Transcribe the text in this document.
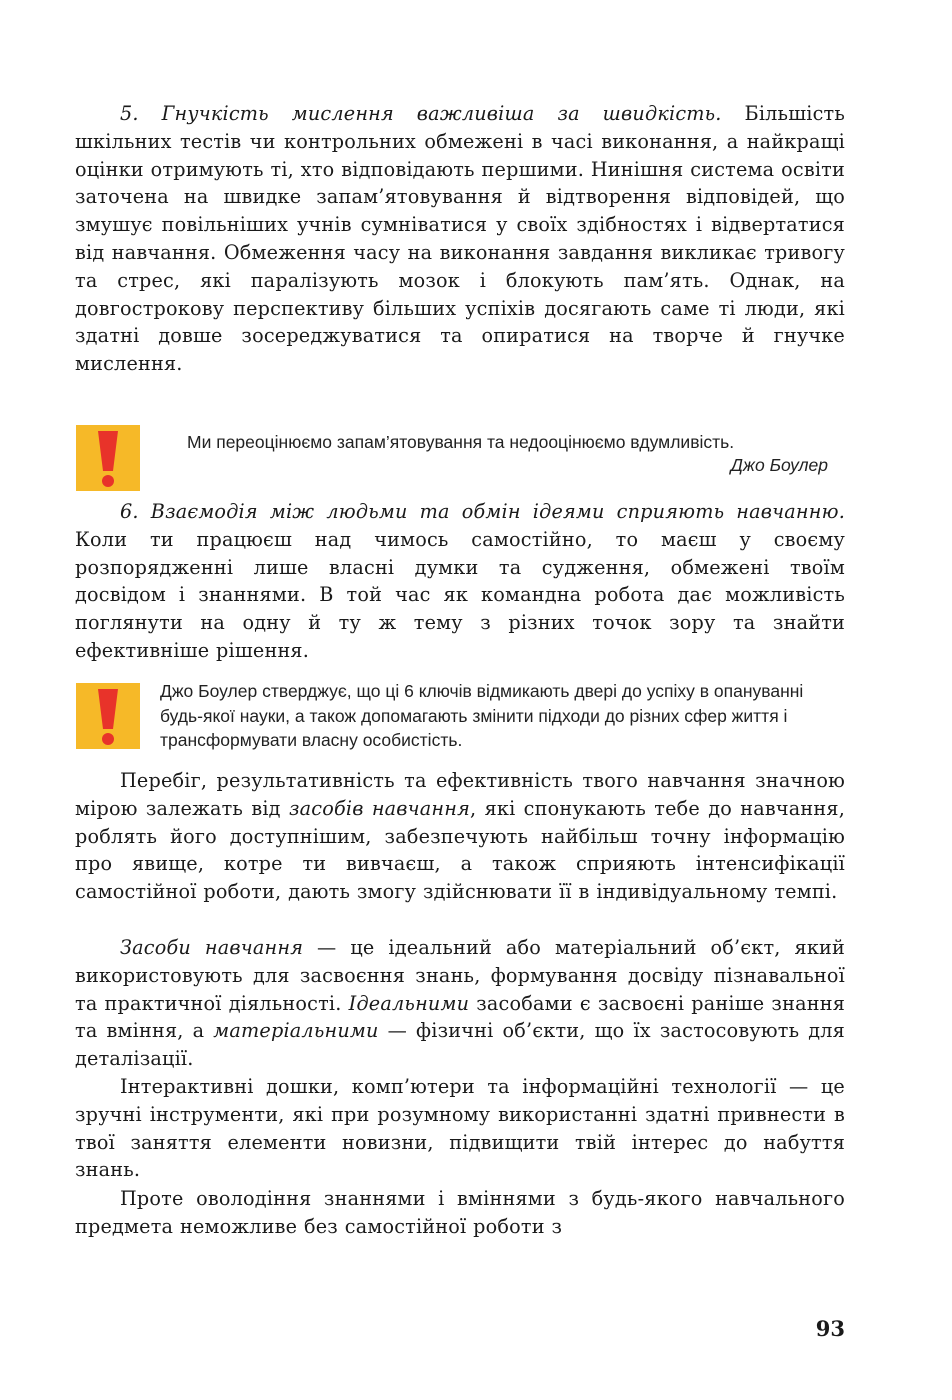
5. Гнучкість мислення важливіша за швидкість. Більшість шкільних тестів чи контрольних обмежені в часі виконання, а найкращі оцінки отримують ті, хто відповідають першими. Нинішня система освіти заточена на швидке запам’ятовування й відтворення відповідей, що змушує повільніших учнів сумніватися у своїх здібностях і відвертатися від навчання. Обмеження часу на виконання завдання викликає тривогу та стрес, які паралізують мозок і блокують пам’ять. Однак, на довгострокову перспективу більших успіхів досягають саме ті люди, які здатні довше зосереджуватися та опиратися на творче й гнучке мислення.

Ми переоцінюємо запам’ятовування та недооцінюємо вдумливість.
Джо Боулер

6. Взаємодія між людьми та обмін ідеями сприяють навчанню. Коли ти працюєш над чимось самостійно, то маєш у своєму розпорядженні лише власні думки та судження, обмежені твоїм досвідом і знаннями. В той час як командна робота дає можливість поглянути на одну й ту ж тему з різних точок зору та знайти ефективніше рішення.

Джо Боулер стверджує, що ці 6 ключів відмикають двері до успіху в опануванні будь-якої науки, а також допомагають змінити підходи до різних сфер життя і трансформувати власну особистість.

Перебіг, результативність та ефективність твого навчання значною мірою залежать від засобів навчання, які спонукають тебе до навчання, роблять його доступнішим, забезпечують найбільш точну інформацію про явище, котре ти вивчаєш, а також сприяють інтенсифікації самостійної роботи, дають змогу здійснювати її в індивідуальному темпі.

Засоби навчання — це ідеальний або матеріальний об’єкт, який використовують для засвоєння знань, формування досвіду пізнавальної та практичної діяльності. Ідеальними засобами є засвоєні раніше знання та вміння, а матеріальними — фізичні об’єкти, що їх застосовують для деталізації.

Інтерактивні дошки, комп’ютери та інформаційні технології — це зручні інструменти, які при розумному використанні здатні привнести в твої заняття елементи новизни, підвищити твій інтерес до набуття знань.

Проте оволодіння знаннями і вміннями з будь-якого навчального предмета неможливе без самостійної роботи з

93
